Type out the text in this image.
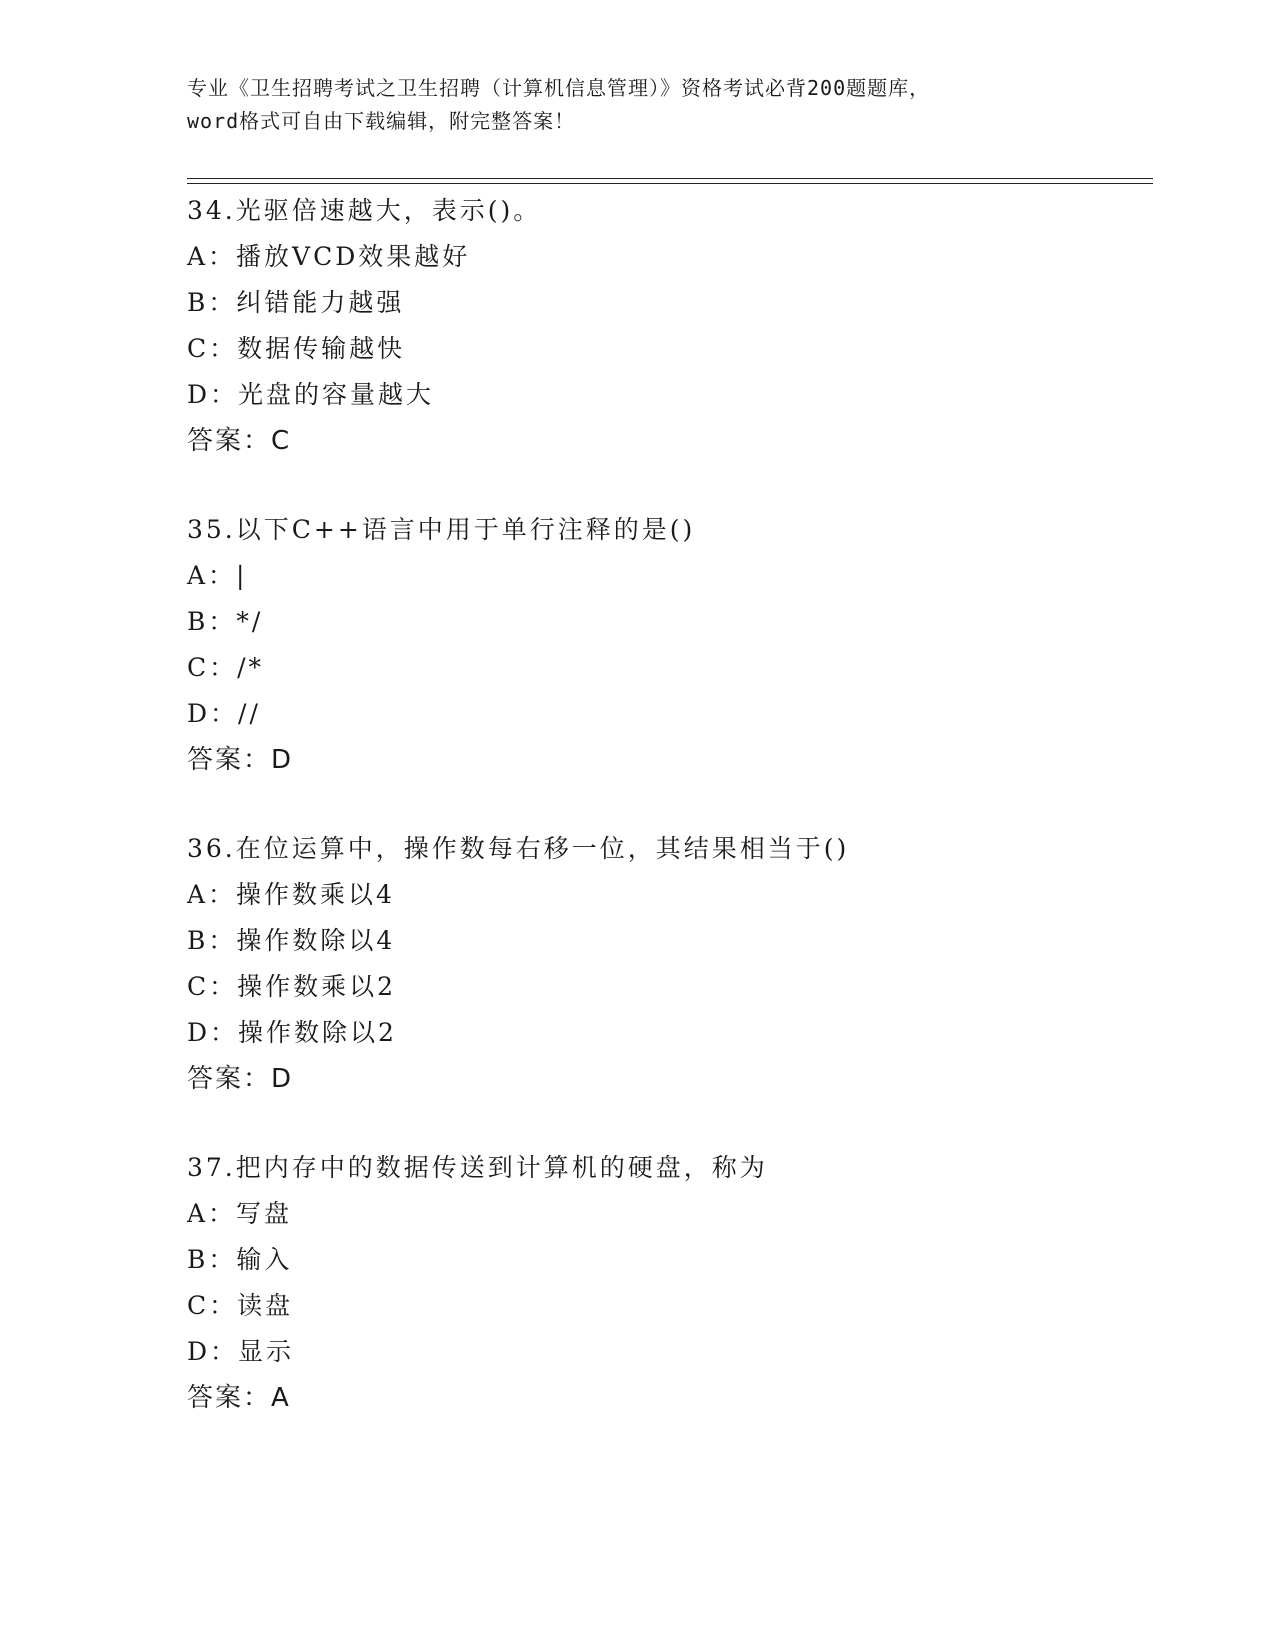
专业《卫生招聘考试之卫生招聘（计算机信息管理）》资格考试必背200题题库，
word格式可自由下载编辑，附完整答案！
34.光驱倍速越大，表示()。
A：播放VCD效果越好
B：纠错能力越强
C：数据传输越快
D：光盘的容量越大
答案：C
35.以下C++语言中用于单行注释的是()
A：|
B：*/
C：/*
D：//
答案：D
36.在位运算中，操作数每右移一位，其结果相当于()
A：操作数乘以4
B：操作数除以4
C：操作数乘以2
D：操作数除以2
答案：D
37.把内存中的数据传送到计算机的硬盘，称为
A：写盘
B：输入
C：读盘
D：显示
答案：A
